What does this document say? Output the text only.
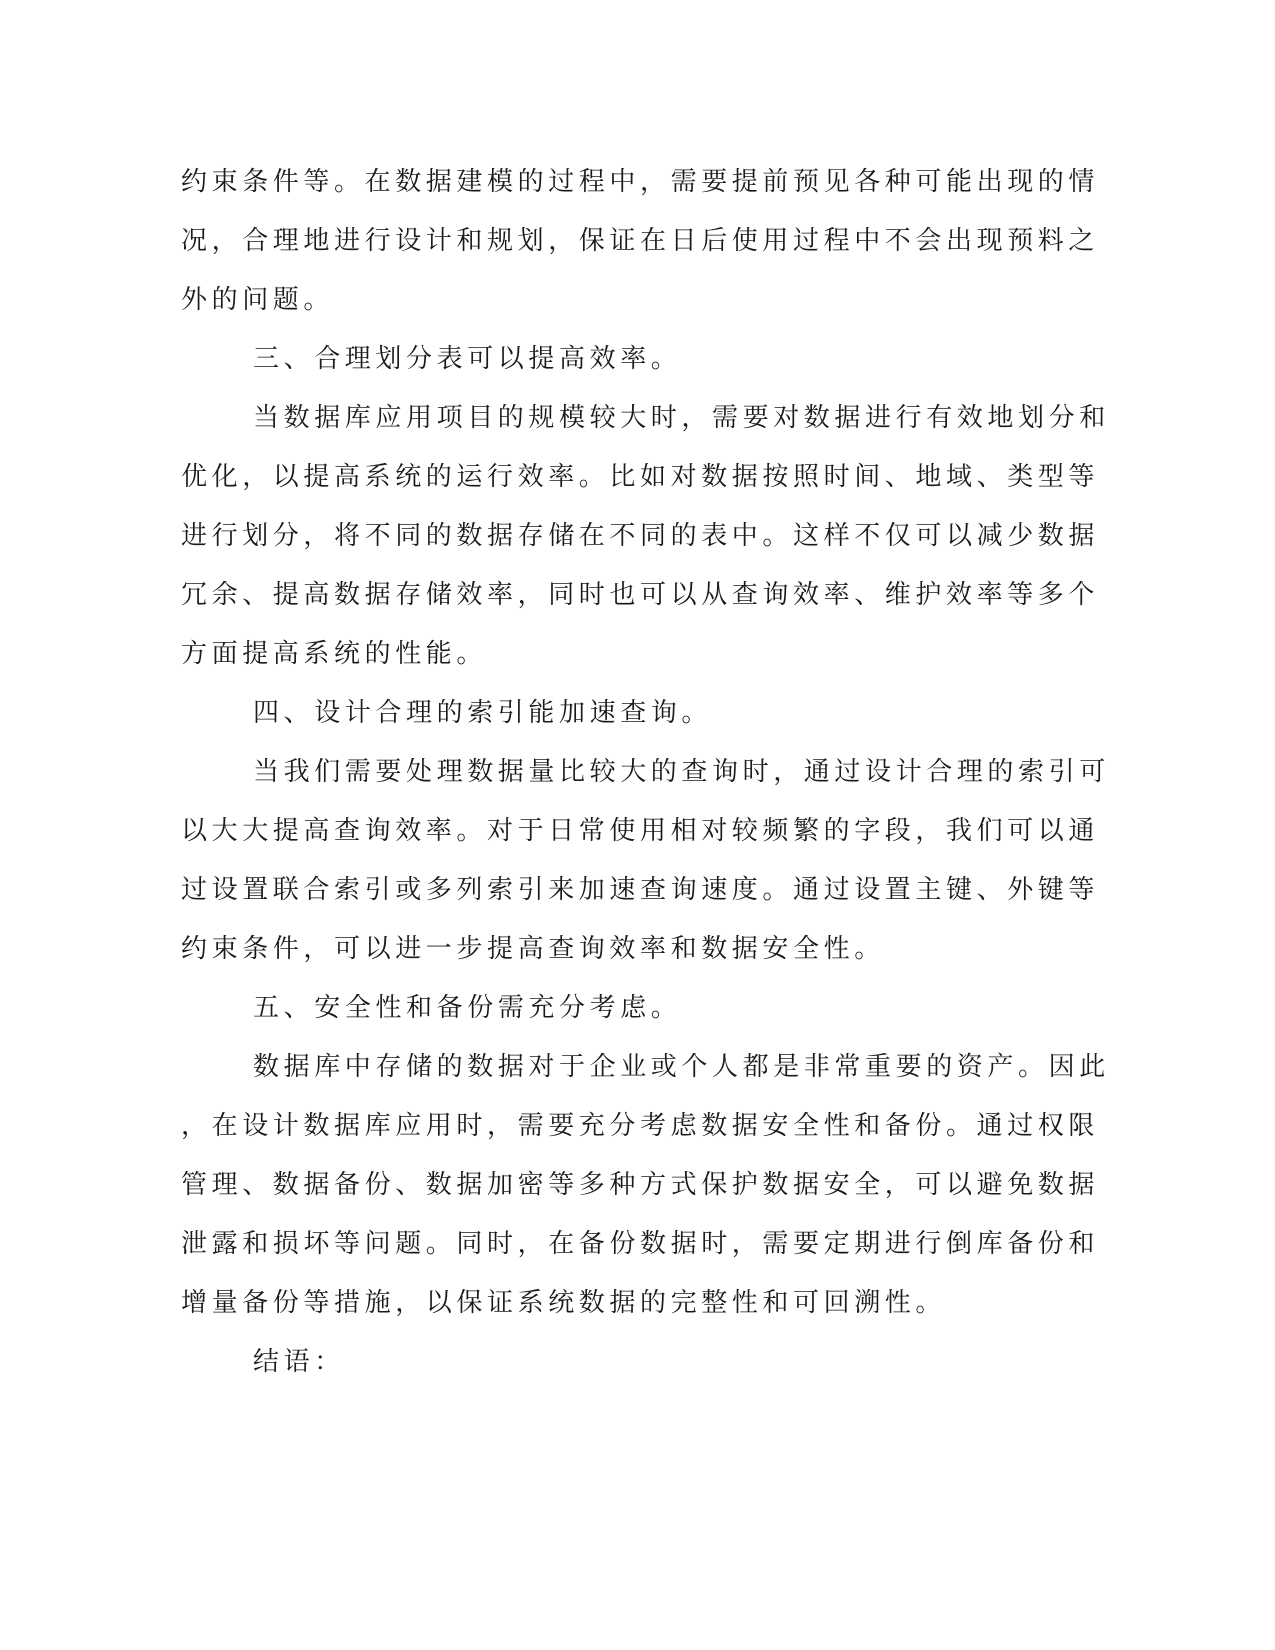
约束条件等。在数据建模的过程中，需要提前预见各种可能出现的情
况，合理地进行设计和规划，保证在日后使用过程中不会出现预料之
外的问题。
三、合理划分表可以提高效率。
当数据库应用项目的规模较大时，需要对数据进行有效地划分和
优化，以提高系统的运行效率。比如对数据按照时间、地域、类型等
进行划分，将不同的数据存储在不同的表中。这样不仅可以减少数据
冗余、提高数据存储效率，同时也可以从查询效率、维护效率等多个
方面提高系统的性能。
四、设计合理的索引能加速查询。
当我们需要处理数据量比较大的查询时，通过设计合理的索引可
以大大提高查询效率。对于日常使用相对较频繁的字段，我们可以通
过设置联合索引或多列索引来加速查询速度。通过设置主键、外键等
约束条件，可以进一步提高查询效率和数据安全性。
五、安全性和备份需充分考虑。
数据库中存储的数据对于企业或个人都是非常重要的资产。因此
，在设计数据库应用时，需要充分考虑数据安全性和备份。通过权限
管理、数据备份、数据加密等多种方式保护数据安全，可以避免数据
泄露和损坏等问题。同时，在备份数据时，需要定期进行倒库备份和
增量备份等措施，以保证系统数据的完整性和可回溯性。
结语：
